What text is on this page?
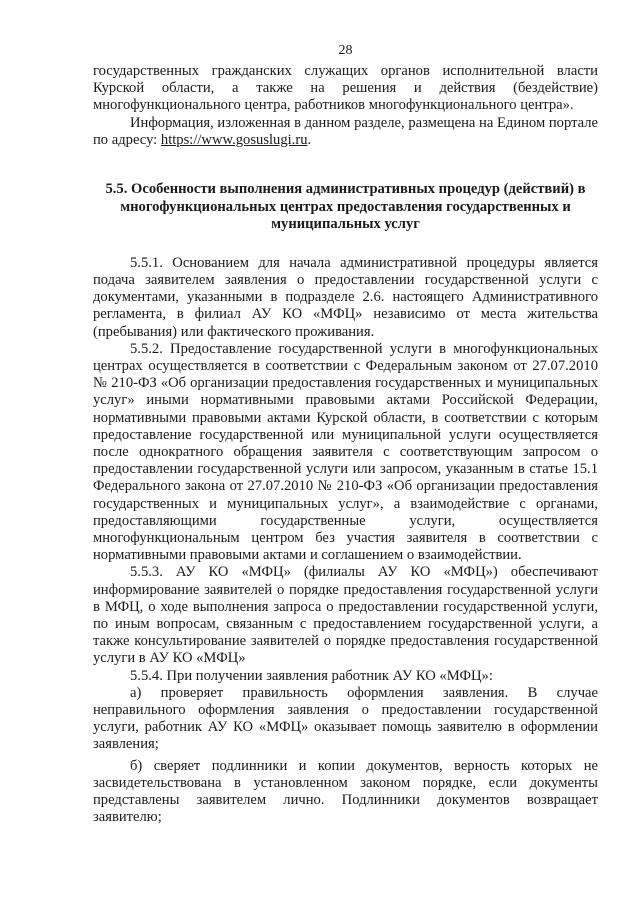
28

государственных гражданских служащих органов исполнительной власти Курской области, а также на решения и действия (бездействие) многофункционального центра, работников многофункционального центра».

Информация, изложенная в данном разделе, размещена на Едином портале по адресу: https://www.gosuslugi.ru.

5.5. Особенности выполнения административных процедур (действий) в многофункциональных центрах предоставления государственных и муниципальных услуг

5.5.1. Основанием для начала административной процедуры является подача заявителем заявления о предоставлении государственной услуги с документами, указанными в подразделе 2.6. настоящего Административного регламента, в филиал АУ КО «МФЦ» независимо от места жительства (пребывания) или фактического проживания.

5.5.2. Предоставление государственной услуги в многофункциональных центрах осуществляется в соответствии с Федеральным законом от 27.07.2010 № 210-ФЗ «Об организации предоставления государственных и муниципальных услуг» иными нормативными правовыми актами Российской Федерации, нормативными правовыми актами Курской области, в соответствии с которым предоставление государственной или муниципальной услуги осуществляется после однократного обращения заявителя с соответствующим запросом о предоставлении государственной услуги или запросом, указанным в статье 15.1 Федерального закона от 27.07.2010 № 210-ФЗ «Об организации предоставления государственных и муниципальных услуг», а взаимодействие с органами, предоставляющими государственные услуги, осуществляется многофункциональным центром без участия заявителя в соответствии с нормативными правовыми актами и соглашением о взаимодействии.

5.5.3. АУ КО «МФЦ» (филиалы АУ КО «МФЦ») обеспечивают информирование заявителей о порядке предоставления государственной услуги в МФЦ, о ходе выполнения запроса о предоставлении государственной услуги, по иным вопросам, связанным с предоставлением государственной услуги, а также консультирование заявителей о порядке предоставления государственной услуги в АУ КО «МФЦ»

5.5.4. При получении заявления работник АУ КО «МФЦ»:

а) проверяет правильность оформления заявления. В случае неправильного оформления заявления о предоставлении государственной услуги, работник АУ КО «МФЦ» оказывает помощь заявителю в оформлении заявления;

б) сверяет подлинники и копии документов, верность которых не засвидетельствована в установленном законом порядке, если документы представлены заявителем лично. Подлинники документов возвращает заявителю;
